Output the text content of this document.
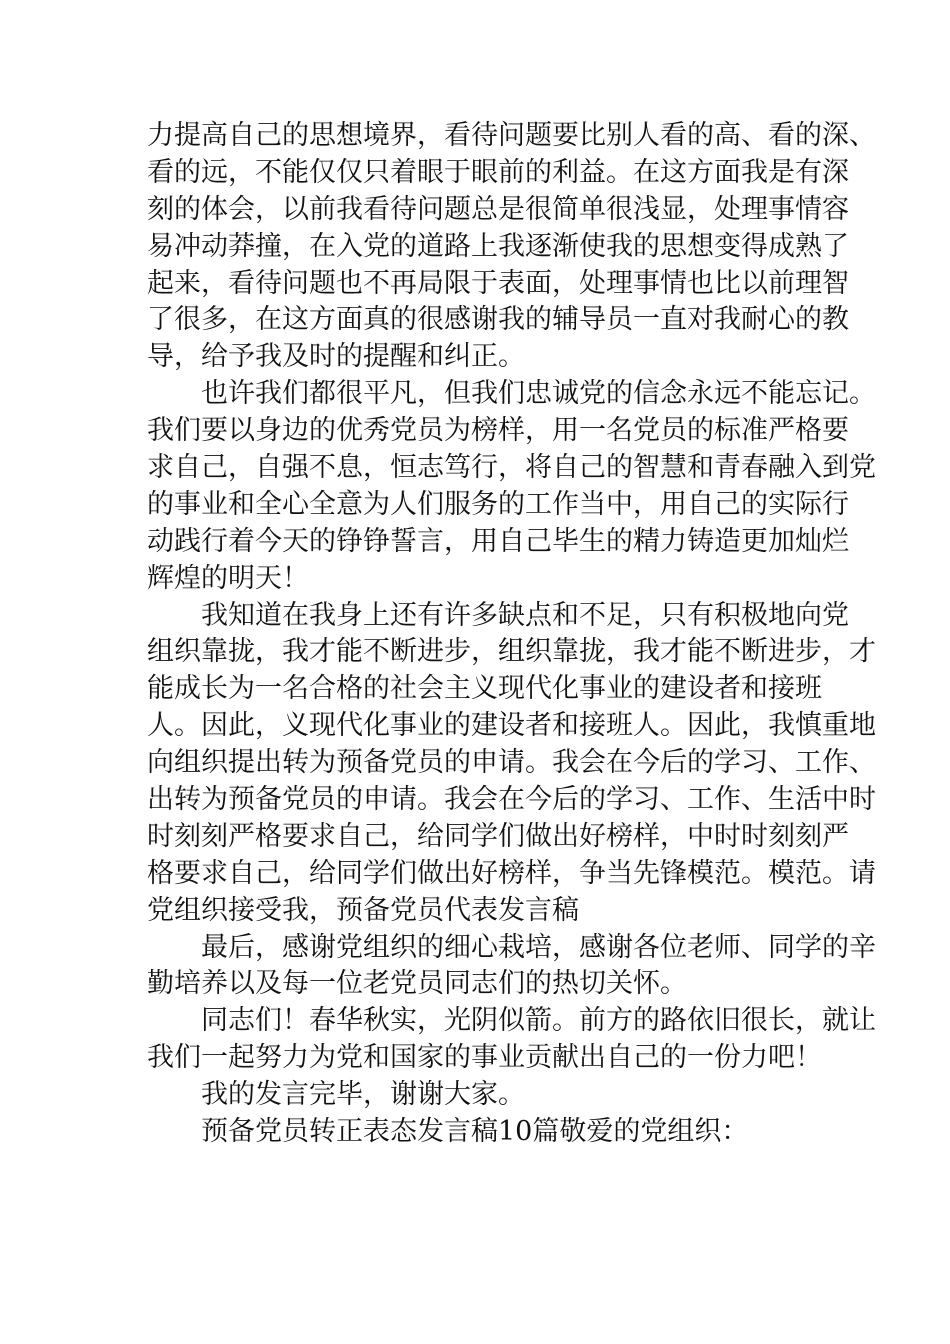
力提高自己的思想境界，看待问题要比别人看的高、看的深、
看的远，不能仅仅只着眼于眼前的利益。在这方面我是有深
刻的体会，以前我看待问题总是很简单很浅显，处理事情容
易冲动莽撞，在入党的道路上我逐渐使我的思想变得成熟了
起来，看待问题也不再局限于表面，处理事情也比以前理智
了很多，在这方面真的很感谢我的辅导员一直对我耐心的教
导，给予我及时的提醒和纠正。
也许我们都很平凡，但我们忠诚党的信念永远不能忘记。
我们要以身边的优秀党员为榜样，用一名党员的标准严格要
求自己，自强不息，恒志笃行，将自己的智慧和青春融入到党
的事业和全心全意为人们服务的工作当中，用自己的实际行
动践行着今天的铮铮誓言，用自己毕生的精力铸造更加灿烂
辉煌的明天！
我知道在我身上还有许多缺点和不足，只有积极地向党
组织靠拢，我才能不断进步，组织靠拢，我才能不断进步，才
能成长为一名合格的社会主义现代化事业的建设者和接班
人。因此，义现代化事业的建设者和接班人。因此，我慎重地
向组织提出转为预备党员的申请。我会在今后的学习、工作、
出转为预备党员的申请。我会在今后的学习、工作、生活中时
时刻刻严格要求自己，给同学们做出好榜样，中时时刻刻严
格要求自己，给同学们做出好榜样，争当先锋模范。模范。请
党组织接受我，预备党员代表发言稿
最后，感谢党组织的细心栽培，感谢各位老师、同学的辛
勤培养以及每一位老党员同志们的热切关怀。
同志们！春华秋实，光阴似箭。前方的路依旧很长，就让
我们一起努力为党和国家的事业贡献出自己的一份力吧！
我的发言完毕，谢谢大家。
预备党员转正表态发言稿10篇敬爱的党组织：
